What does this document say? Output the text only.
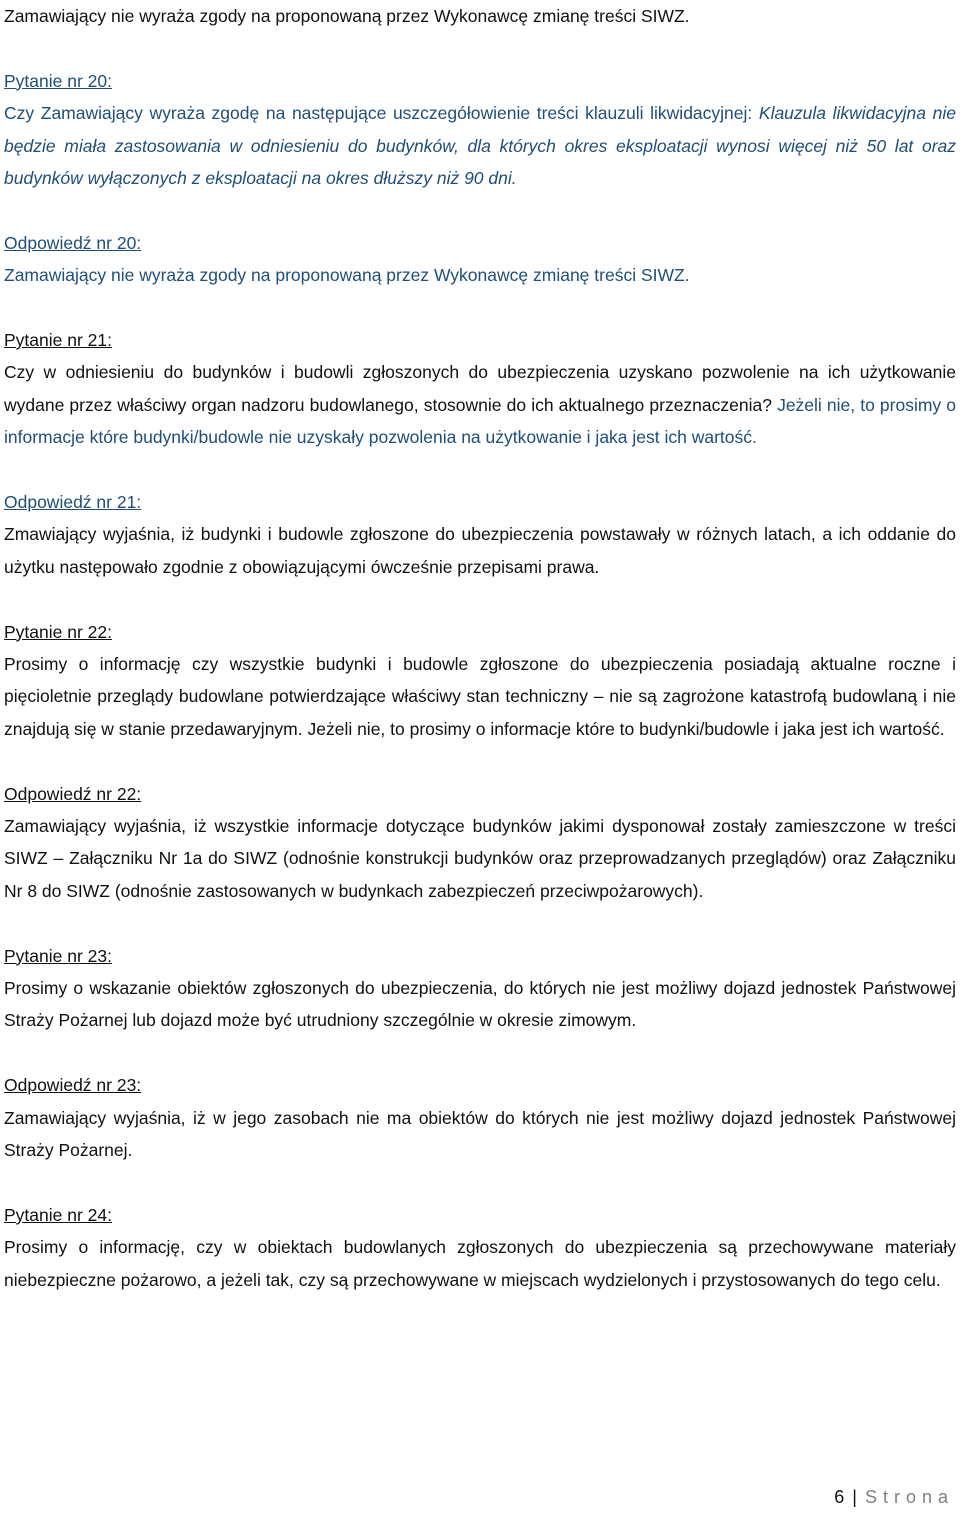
Zamawiający nie wyraża zgody na proponowaną przez Wykonawcę zmianę treści SIWZ.

Pytanie nr 20:

Czy Zamawiający wyraża zgodę na następujące uszczegółowienie treści klauzuli likwidacyjnej: Klauzula likwidacyjna nie będzie miała zastosowania w odniesieniu do budynków, dla których okres eksploatacji wynosi więcej niż 50 lat oraz budynków wyłączonych z eksploatacji na okres dłuższy niż 90 dni.

Odpowiedź nr 20:

Zamawiający nie wyraża zgody na proponowaną przez Wykonawcę zmianę treści SIWZ.

Pytanie nr 21:

Czy w odniesieniu do budynków i budowli zgłoszonych do ubezpieczenia uzyskano pozwolenie na ich użytkowanie wydane przez właściwy organ nadzoru budowlanego, stosownie do ich aktualnego przeznaczenia? Jeżeli nie, to prosimy o informacje które budynki/budowle nie uzyskały pozwolenia na użytkowanie i jaka jest ich wartość.

Odpowiedź nr 21:

Zmawiający wyjaśnia, iż budynki i budowle zgłoszone do ubezpieczenia powstawały w różnych latach, a ich oddanie do użytku następowało zgodnie z obowiązującymi ówcześnie przepisami prawa.

Pytanie nr 22:

Prosimy o informację czy wszystkie budynki i budowle zgłoszone do ubezpieczenia posiadają aktualne roczne i pięcioletnie przeglądy budowlane potwierdzające właściwy stan techniczny – nie są zagrożone katastrofą budowlaną i nie znajdują się w stanie przedawaryjnym. Jeżeli nie, to prosimy o informacje które to budynki/budowle i jaka jest ich wartość.

Odpowiedź nr 22:

Zamawiający wyjaśnia, iż wszystkie informacje dotyczące budynków jakimi dysponował zostały zamieszczone w treści SIWZ – Załączniku Nr 1a do SIWZ (odnośnie konstrukcji budynków oraz przeprowadzanych przeglądów) oraz Załączniku Nr 8 do SIWZ (odnośnie zastosowanych w budynkach zabezpieczeń przeciwpożarowych).

Pytanie nr 23:

Prosimy o wskazanie obiektów zgłoszonych do ubezpieczenia, do których nie jest możliwy dojazd jednostek Państwowej Straży Pożarnej lub dojazd może być utrudniony szczególnie w okresie zimowym.

Odpowiedź nr 23:

Zamawiający wyjaśnia, iż w jego zasobach nie ma obiektów do których nie jest możliwy dojazd jednostek Państwowej Straży Pożarnej.

Pytanie nr 24:

Prosimy o informację, czy w obiektach budowlanych zgłoszonych do ubezpieczenia są przechowywane materiały niebezpieczne pożarowo, a jeżeli tak, czy są przechowywane w miejscach wydzielonych i przystosowanych do tego celu.

6 | Strona
